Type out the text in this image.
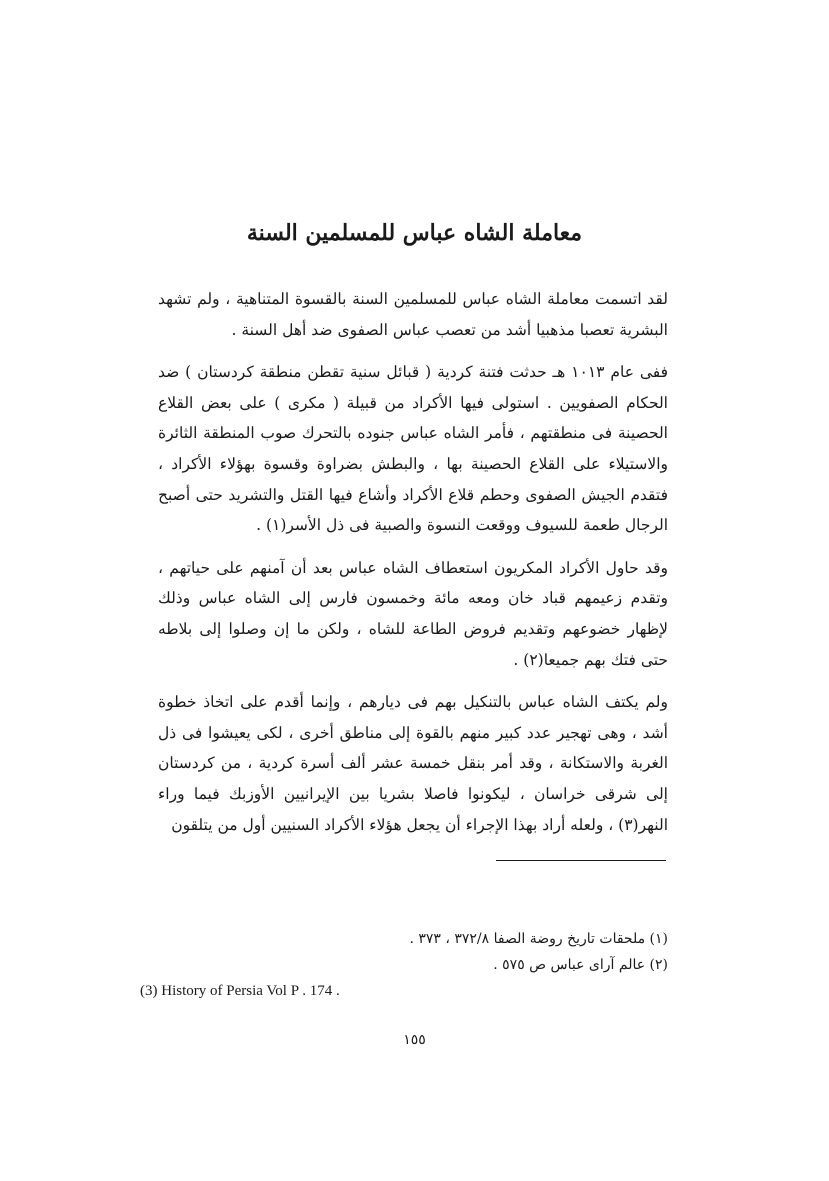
معاملة الشاه عباس للمسلمين السنة

لقد اتسمت معاملة الشاه عباس للمسلمين السنة بالقسوة المتناهية ، ولم تشهد البشرية تعصبا مذهبيا أشد من تعصب عباس الصفوى ضد أهل السنة .

ففى عام ١٠١٣ هـ حدثت فتنة كردية ( قبائل سنية تقطن منطقة كردستان ) ضد الحكام الصفويين . استولى فيها الأكراد من قبيلة ( مكرى ) على بعض القلاع الحصينة فى منطقتهم ، فأمر الشاه عباس جنوده بالتحرك صوب المنطقة الثائرة والاستيلاء على القلاع الحصينة بها ، والبطش بضراوة وقسوة بهؤلاء الأكراد ، فتقدم الجيش الصفوى وحطم قلاع الأكراد وأشاع فيها القتل والتشريد حتى أصبح الرجال طعمة للسيوف ووقعت النسوة والصبية فى ذل الأسر(١) .

وقد حاول الأكراد المكريون استعطاف الشاه عباس بعد أن آمنهم على حياتهم ، وتقدم زعيمهم قباد خان ومعه مائة وخمسون فارس إلى الشاه عباس وذلك لإظهار خضوعهم وتقديم فروض الطاعة للشاه ، ولكن ما إن وصلوا إلى بلاطه حتى فتك بهم جميعا(٢) .

ولم يكتف الشاه عباس بالتنكيل بهم فى ديارهم ، وإنما أقدم على اتخاذ خطوة أشد ، وهى تهجير عدد كبير منهم بالقوة إلى مناطق أخرى ، لكى يعيشوا فى ذل الغربة والاستكانة ، وقد أمر بنقل خمسة عشر ألف أسرة كردية ، من كردستان إلى شرقى خراسان ، ليكونوا فاصلا بشريا بين الإيرانيين الأوزبك فيما وراء النهر(٣) ، ولعله أراد بهذا الإجراء أن يجعل هؤلاء الأكراد السنيين أول من يتلقون

(١) ملحقات تاريخ روضة الصفا ٣٧٢/٨ ، ٣٧٣ .
(٢) عالم آراى عباس ص ٥٧٥ .
(3) History of Persia Vol P . 174 .
١٥٥
